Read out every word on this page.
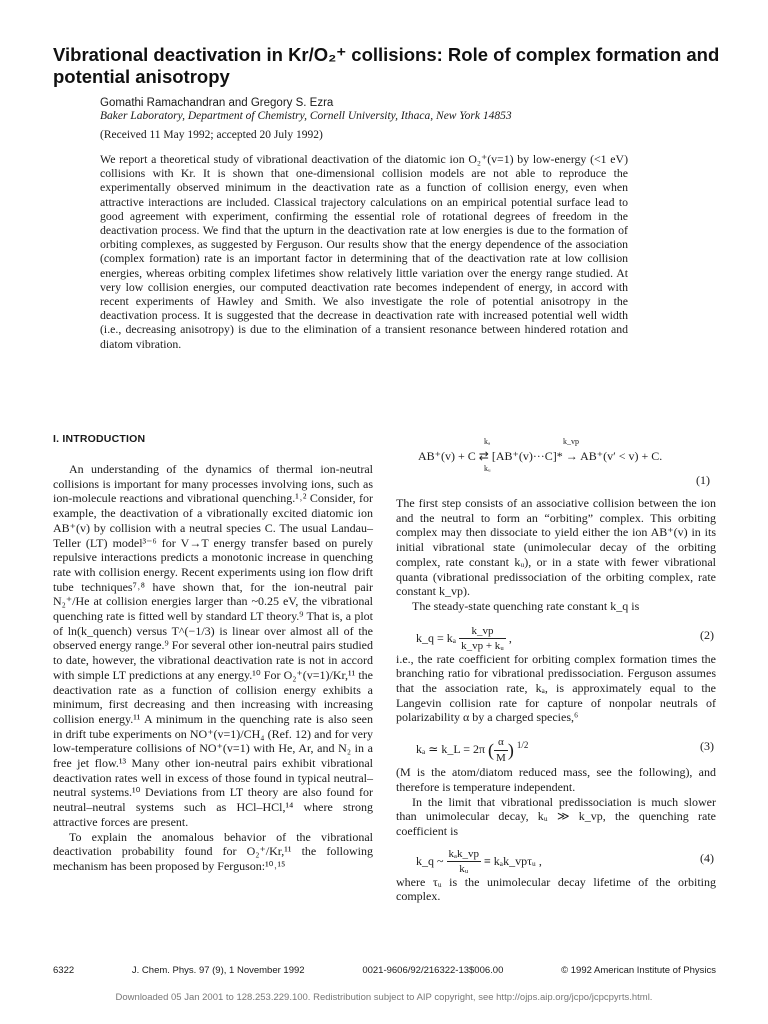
Vibrational deactivation in Kr/O₂⁺ collisions: Role of complex formation and potential anisotropy
Gomathi Ramachandran and Gregory S. Ezra
Baker Laboratory, Department of Chemistry, Cornell University, Ithaca, New York 14853
(Received 11 May 1992; accepted 20 July 1992)
We report a theoretical study of vibrational deactivation of the diatomic ion O₂⁺(v=1) by low-energy (<1 eV) collisions with Kr. It is shown that one-dimensional collision models are not able to reproduce the experimentally observed minimum in the deactivation rate as a function of collision energy, even when attractive interactions are included. Classical trajectory calculations on an empirical potential surface lead to good agreement with experiment, confirming the essential role of rotational degrees of freedom in the deactivation process. We find that the upturn in the deactivation rate at low energies is due to the formation of orbiting complexes, as suggested by Ferguson. Our results show that the energy dependence of the association (complex formation) rate is an important factor in determining that of the deactivation rate at low collision energies, whereas orbiting complex lifetimes show relatively little variation over the energy range studied. At very low collision energies, our computed deactivation rate becomes independent of energy, in accord with recent experiments of Hawley and Smith. We also investigate the role of potential anisotropy in the deactivation process. It is suggested that the decrease in deactivation rate with increased potential well width (i.e., decreasing anisotropy) is due to the elimination of a transient resonance between hindered rotation and diatom vibration.
I. INTRODUCTION

An understanding of the dynamics of thermal ion-neutral collisions is important for many processes involving ions, such as ion-molecule reactions and vibrational quenching.¹˒² Consider, for example, the deactivation of a vibrationally excited diatomic ion AB⁺(v) by collision with a neutral species C. The usual Landau–Teller (LT) model³⁻⁶ for V→T energy transfer based on purely repulsive interactions predicts a monotonic increase in quenching rate with collision energy. Recent experiments using ion flow drift tube techniques⁷˒⁸ have shown that, for the ion-neutral pair N₂⁺/He at collision energies larger than ~0.25 eV, the vibrational quenching rate is fitted well by standard LT theory.⁹ That is, a plot of ln(k_quench) versus T^(−1/3) is linear over almost all of the observed energy range.⁹ For several other ion-neutral pairs studied to date, however, the vibrational deactivation rate is not in accord with simple LT predictions at any energy.¹⁰ For O₂⁺(v=1)/Kr,¹¹ the deactivation rate as a function of collision energy exhibits a minimum, first decreasing and then increasing with increasing collision energy.¹¹ A minimum in the quenching rate is also seen in drift tube experiments on NO⁺(v=1)/CH₄ (Ref. 12) and for very low-temperature collisions of NO⁺(v=1) with He, Ar, and N₂ in a free jet flow.¹³ Many other ion-neutral pairs exhibit vibrational deactivation rates well in excess of those found in typical neutral–neutral systems.¹⁰ Deviations from LT theory are also found for neutral–neutral systems such as HCl–HCl,¹⁴ where strong attractive forces are present.

To explain the anomalous behavior of the vibrational deactivation probability found for O₂⁺/Kr,¹¹ the following mechanism has been proposed by Ferguson:¹⁰˒¹⁵

kₐ	k_vp
AB⁺(v) + C ⇄ [AB⁺(v)···C]* → AB⁺(v′ < v) + C.
kᵤ
(1)

The first step consists of an associative collision between the ion and the neutral to form an “orbiting” complex. This orbiting complex may then dissociate to yield either the ion AB⁺(v) in its initial vibrational state (unimolecular decay of the orbiting complex, rate constant kᵤ), or in a state with fewer vibrational quanta (vibrational predissociation of the orbiting complex, rate constant k_vp).

The steady-state quenching rate constant k_q is

k_q = kₐ $\frac{k\_vp}{\text{k\_vp + kᵤ}}$ ,	(2)

i.e., the rate coefficient for orbiting complex formation times the branching ratio for vibrational predissociation. Ferguson assumes that the association rate, kₐ, is approximately equal to the Langevin collision rate for capture of nonpolar neutrals of polarizability α by a charged species,⁶

kₐ ≃ k_L = 2π ( $\frac{\alpha}{M}$ ) $^{1/2}$	(3)

(M is the atom/diatom reduced mass, see the following), and therefore is temperature independent.

In the limit that vibrational predissociation is much slower than unimolecular decay, kᵤ ≫ k_vp, the quenching rate coefficient is

k_q ~ $\frac{\text{kₐk\_vp}}{\text{kᵤ}}$ ≡ kₐk_vpτᵤ ,	(4)

where τᵤ is the unimolecular decay lifetime of the orbiting complex.

6322	J. Chem. Phys. 97 (9), 1 November 1992	0021-9606/92/216322-13$006.00	© 1992 American Institute of Physics
Downloaded 05 Jan 2001 to 128.253.229.100. Redistribution subject to AIP copyright, see http://ojps.aip.org/jcpo/jcpcpyrts.html.
